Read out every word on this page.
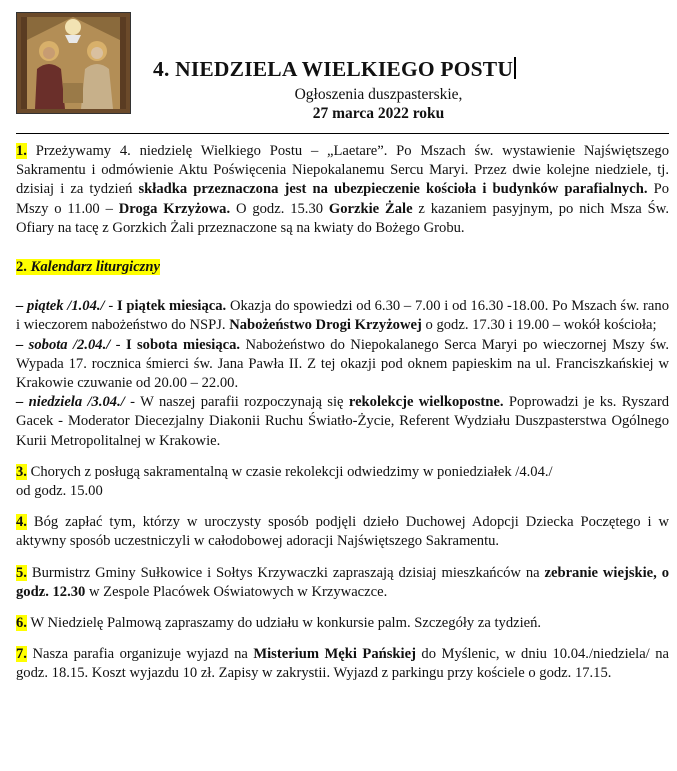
4. NIEDZIELA WIELKIEGO POSTU
Ogłoszenia duszpasterskie,
27 marca 2022 roku

1. Przeżywamy 4. niedzielę Wielkiego Postu – „Laetare”. Po Mszach św. wystawienie Najświętszego Sakramentu i odmówienie Aktu Poświęcenia Niepokalanemu Sercu Maryi. Przez dwie kolejne niedziele, tj. dzisiaj i za tydzień składka przeznaczona jest na ubezpieczenie kościoła i budynków parafialnych. Po Mszy o 11.00 – Droga Krzyżowa. O godz. 15.30 Gorzkie Żale z kazaniem pasyjnym, po nich Msza Św. Ofiary na tacę z Gorzkich Żali przeznaczone są na kwiaty do Bożego Grobu.

2. Kalendarz liturgiczny

– piątek /1.04./ - I piątek miesiąca. Okazja do spowiedzi od 6.30 – 7.00 i od 16.30 -18.00. Po Mszach św. rano i wieczorem nabożeństwo do NSPJ. Nabożeństwo Drogi Krzyżowej o godz. 17.30 i 19.00 – wokół kościoła;

– sobota /2.04./ - I sobota miesiąca. Nabożeństwo do Niepokalanego Serca Maryi po wieczornej Mszy św. Wypada 17. rocznica śmierci św. Jana Pawła II. Z tej okazji pod oknem papieskim na ul. Franciszkańskiej w Krakowie czuwanie od 20.00 – 22.00.

– niedziela /3.04./ - W naszej parafii rozpoczynają się rekolekcje wielkopostne. Poprowadzi je ks. Ryszard Gacek - Moderator Diecezjalny Diakonii Ruchu Światło-Życie, Referent Wydziału Duszpasterstwa Ogólnego Kurii Metropolitalnej w Krakowie.

3. Chorych z posługą sakramentalną w czasie rekolekcji odwiedzimy w poniedziałek /4.04./
od godz. 15.00

4. Bóg zapłać tym, którzy w uroczysty sposób podjęli dzieło Duchowej Adopcji Dziecka Poczętego i w aktywny sposób uczestniczyli w całodobowej adoracji Najświętszego Sakramentu.

5. Burmistrz Gminy Sułkowice i Sołtys Krzywaczki zapraszają dzisiaj mieszkańców na zebranie wiejskie, o godz. 12.30 w Zespole Placówek Oświatowych w Krzywaczce.

6. W Niedzielę Palmową zapraszamy do udziału w konkursie palm. Szczegóły za tydzień.

7. Nasza parafia organizuje wyjazd na Misterium Męki Pańskiej do Myślenic, w dniu 10.04./niedziela/ na godz. 18.15. Koszt wyjazdu 10 zł. Zapisy w zakrystii. Wyjazd z parkingu przy kościele o godz. 17.15.
